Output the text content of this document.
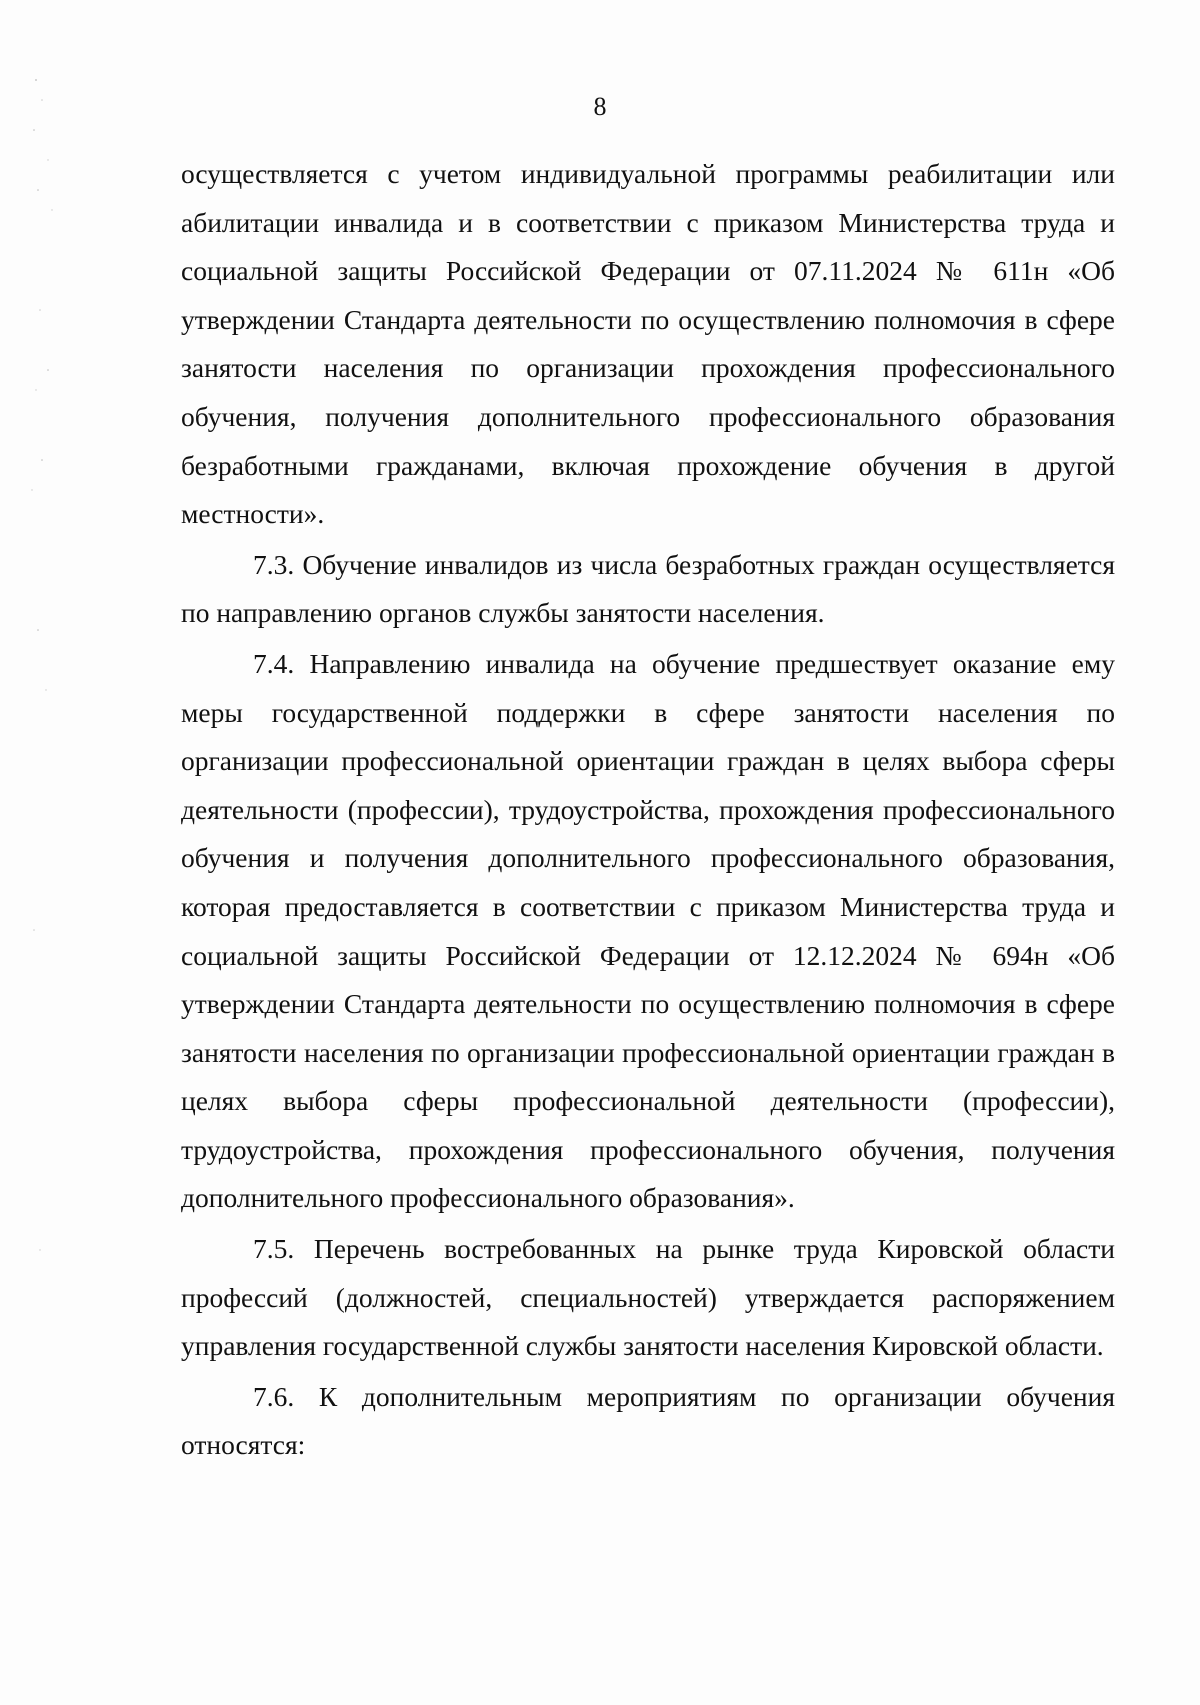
8

осуществляется с учетом индивидуальной программы реабилитации или абилитации инвалида и в соответствии с приказом Министерства труда и социальной защиты Российской Федерации от 07.11.2024 № 611н «Об утверждении Стандарта деятельности по осуществлению полномочия в сфере занятости населения по организации прохождения профессионального обучения, получения дополнительного профессионального образования безработными гражданами, включая прохождение обучения в другой местности».

7.3. Обучение инвалидов из числа безработных граждан осуществляется по направлению органов службы занятости населения.

7.4. Направлению инвалида на обучение предшествует оказание ему меры государственной поддержки в сфере занятости населения по организации профессиональной ориентации граждан в целях выбора сферы деятельности (профессии), трудоустройства, прохождения профессионального обучения и получения дополнительного профессионального образования, которая предоставляется в соответствии с приказом Министерства труда и социальной защиты Российской Федерации от 12.12.2024 № 694н «Об утверждении Стандарта деятельности по осуществлению полномочия в сфере занятости населения по организации профессиональной ориентации граждан в целях выбора сферы профессиональной деятельности (профессии), трудоустройства, прохождения профессионального обучения, получения дополнительного профессионального образования».

7.5. Перечень востребованных на рынке труда Кировской области профессий (должностей, специальностей) утверждается распоряжением управления государственной службы занятости населения Кировской области.

7.6. К дополнительным мероприятиям по организации обучения относятся:
